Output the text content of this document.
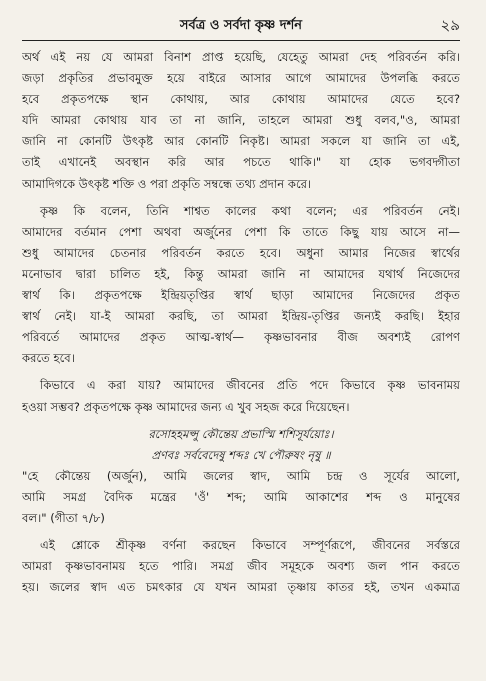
সর্বত্র ও সর্বদা কৃষ্ণ দর্শন	২৯
অর্থ এই নয় যে আমরা বিনাশ প্রাপ্ত হয়েছি, যেহেতু আমরা দেহ পরিবর্তন করি।
জড়া প্রকৃতির প্রভাবমুক্ত হয়ে বাইরে আসার আগে আমাদের উপলব্ধি করতে
হবে প্রকৃতপক্ষে স্থান কোথায়, আর কোথায় আমাদের যেতে হবে?
যদি আমরা কোথায় যাব তা না জানি, তাহলে আমরা শুধু বলব,"ও, আমরা
জানি না কোনটি উৎকৃষ্ট আর কোনটি নিকৃষ্ট। আমরা সকলে যা জানি তা এই,
তাই এখানেই অবস্থান করি আর পচতে থাকি।" যা হোক ভগবদ্গীতা
আমাদিগকে উৎকৃষ্ট শক্তি ও পরা প্রকৃতি সম্বন্ধে তথ্য প্রদান করে।
কৃষ্ণ কি বলেন, তিনি শাশ্বত কালের কথা বলেন; এর পরিবর্তন নেই।
আমাদের বর্তমান পেশা অথবা অর্জুনের পেশা কি তাতে কিছু যায় আসে না—
শুধু আমাদের চেতনার পরিবর্তন করতে হবে। অধুনা আমার নিজের স্বার্থের
মনোভাব দ্বারা চালিত হই, কিন্তু আমরা জানি না আমাদের যথার্থ নিজেদের
স্বার্থ কি। প্রকৃতপক্ষে ইন্দ্রিয়তৃপ্তির স্বার্থ ছাড়া আমাদের নিজেদের প্রকৃত
স্বার্থ নেই। যা-ই আমরা করছি, তা আমরা ইন্দ্রিয়-তৃপ্তির জন্যই করছি। ইহার
পরিবর্তে আমাদের প্রকৃত আত্ম-স্বার্থ— কৃষ্ণভাবনার বীজ অবশ্যই রোপণ
করতে হবে।
কিভাবে এ করা যায়? আমাদের জীবনের প্রতি পদে কিভাবে কৃষ্ণ ভাবনাময়
হওয়া সম্ভব? প্রকৃতপক্ষে কৃষ্ণ আমাদের জন্য এ খুব সহজ করে দিয়েছেন।
রসোহহমপ্সু কৌন্তেয় প্রভাস্মি শশিসূর্যয়োঃ।
প্রণবঃ সর্ববেদেষু শব্দঃ খে পৌরুষং নৃষু ॥
"হে কৌন্তেয় (অর্জুন), আমি জলের স্বাদ, আমি চন্দ্র ও সূর্যের আলো,
আমি সমগ্র বৈদিক মন্ত্রের 'ওঁ' শব্দ; আমি আকাশের শব্দ ও মানুষের
বল।" (গীতা ৭/৮)
এই শ্লোকে শ্রীকৃষ্ণ বর্ণনা করছেন কিভাবে সম্পূর্ণরূপে, জীবনের সর্বস্তরে
আমরা কৃষ্ণভাবনাময় হতে পারি। সমগ্র জীব সমূহকে অবশ্য জল পান করতে
হয়। জলের স্বাদ এত চমৎকার যে যখন আমরা তৃষ্ণায় কাতর হই, তখন একমাত্র
